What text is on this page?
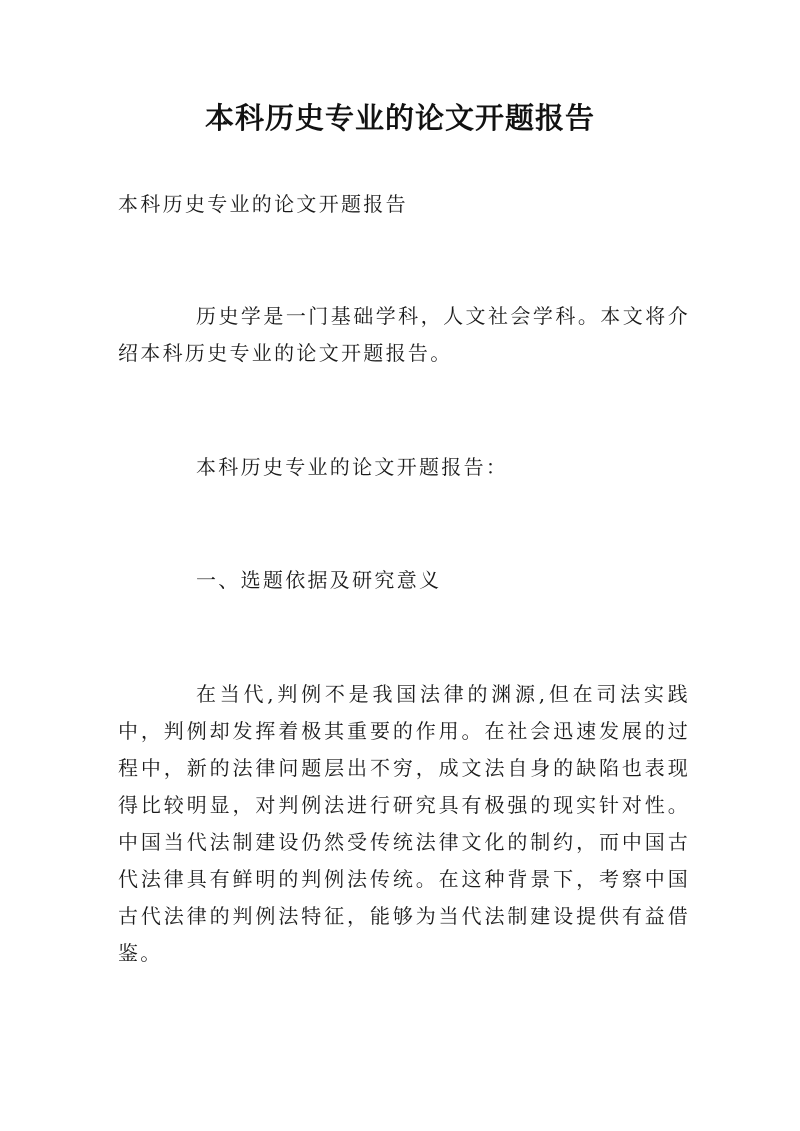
本科历史专业的论文开题报告

本科历史专业的论文开题报告

历史学是一门基础学科，人文社会学科。本文将介绍本科历史专业的论文开题报告。

本科历史专业的论文开题报告：

一、选题依据及研究意义

在当代,判例不是我国法律的渊源,但在司法实践中，判例却发挥着极其重要的作用。在社会迅速发展的过程中，新的法律问题层出不穷，成文法自身的缺陷也表现得比较明显，对判例法进行研究具有极强的现实针对性。中国当代法制建设仍然受传统法律文化的制约，而中国古代法律具有鲜明的判例法传统。在这种背景下，考察中国古代法律的判例法特征，能够为当代法制建设提供有益借鉴。
